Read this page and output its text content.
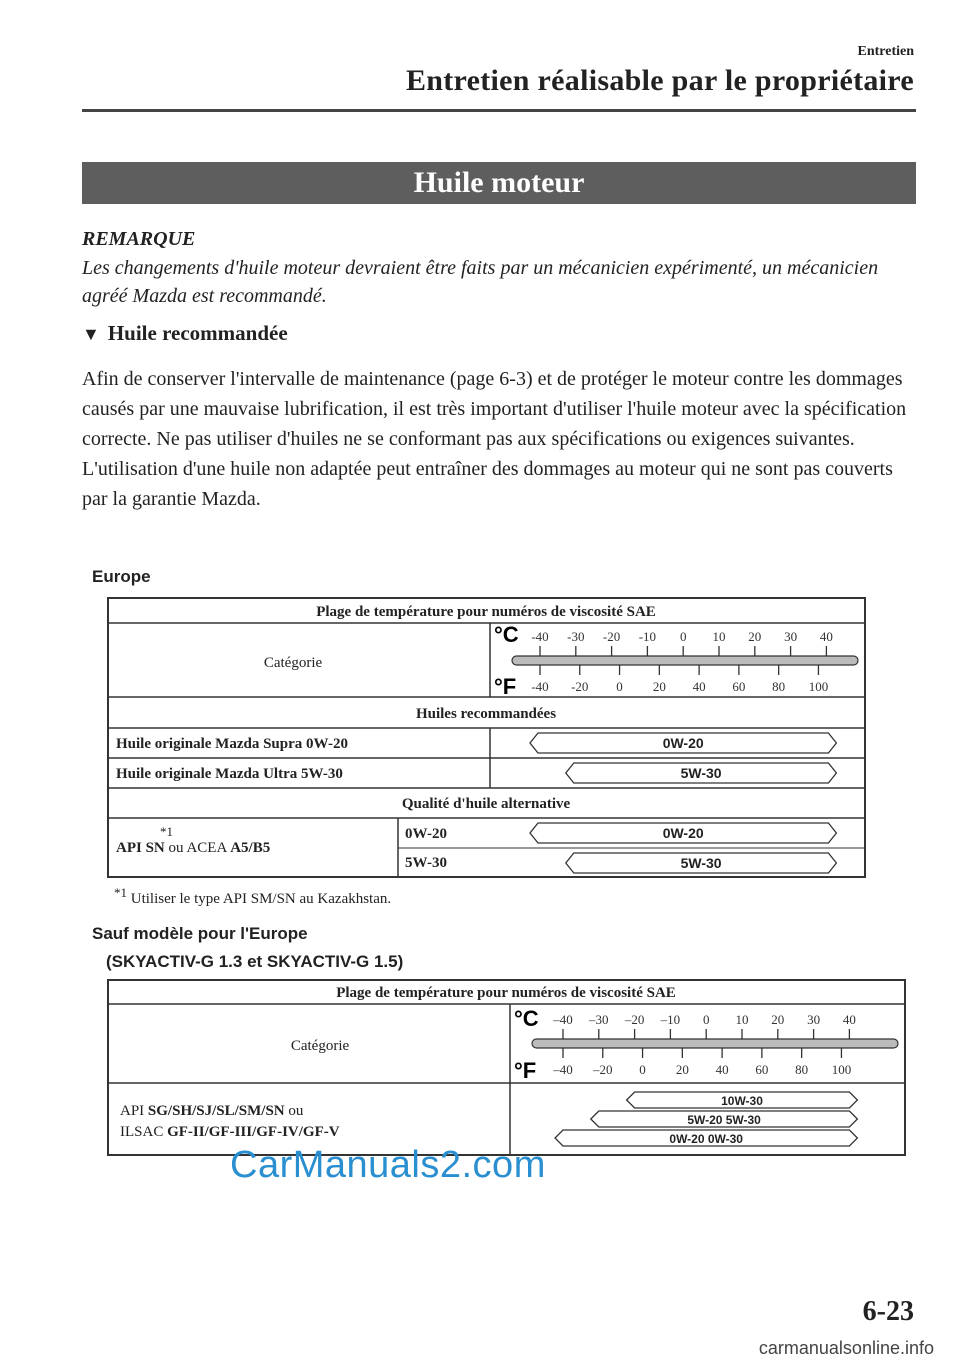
Entretien
Entretien réalisable par le propriétaire
Huile moteur
REMARQUE
Les changements d'huile moteur devraient être faits par un mécanicien expérimenté, un mécanicien agréé Mazda est recommandé.
▼ Huile recommandée
Afin de conserver l'intervalle de maintenance (page 6-3) et de protéger le moteur contre les dommages causés par une mauvaise lubrification, il est très important d'utiliser l'huile moteur avec la spécification correcte. Ne pas utiliser d'huiles ne se conformant pas aux spécifications ou exigences suivantes. L'utilisation d'une huile non adaptée peut entraîner des dommages au moteur qui ne sont pas couverts par la garantie Mazda.
Europe
Plage de température pour numéros de viscosité SAE
Catégorie
Huiles recommandées
Huile originale Mazda Supra 0W-20
Huile originale Mazda Ultra 5W-30
Qualité d'huile alternative
*1
API SN ou ACEA A5/B5
0W-20
5W-30
°C
°F
-40 -30 -20 -10 0 10 20 30 40
-40 -20 0 20 40 60 80 100
0W-20
5W-30
0W-20
5W-30
$^{*1}$ Utiliser le type API SM/SN au Kazakhstan.
Sauf modèle pour l'Europe
(SKYACTIV-G 1.3 et SKYACTIV-G 1.5)
Plage de température pour numéros de viscosité SAE
Catégorie
API SG/SH/SJ/SL/SM/SN ou
ILSAC GF-II/GF-III/GF-IV/GF-V
°C
°F
–40 –30 –20 –10 0 10 20 30 40
–40 –20 0 20 40 60 80 100
10W-30
5W-20 5W-30
0W-20 0W-30
CarManuals2.com
6-23
carmanualsonline.info
